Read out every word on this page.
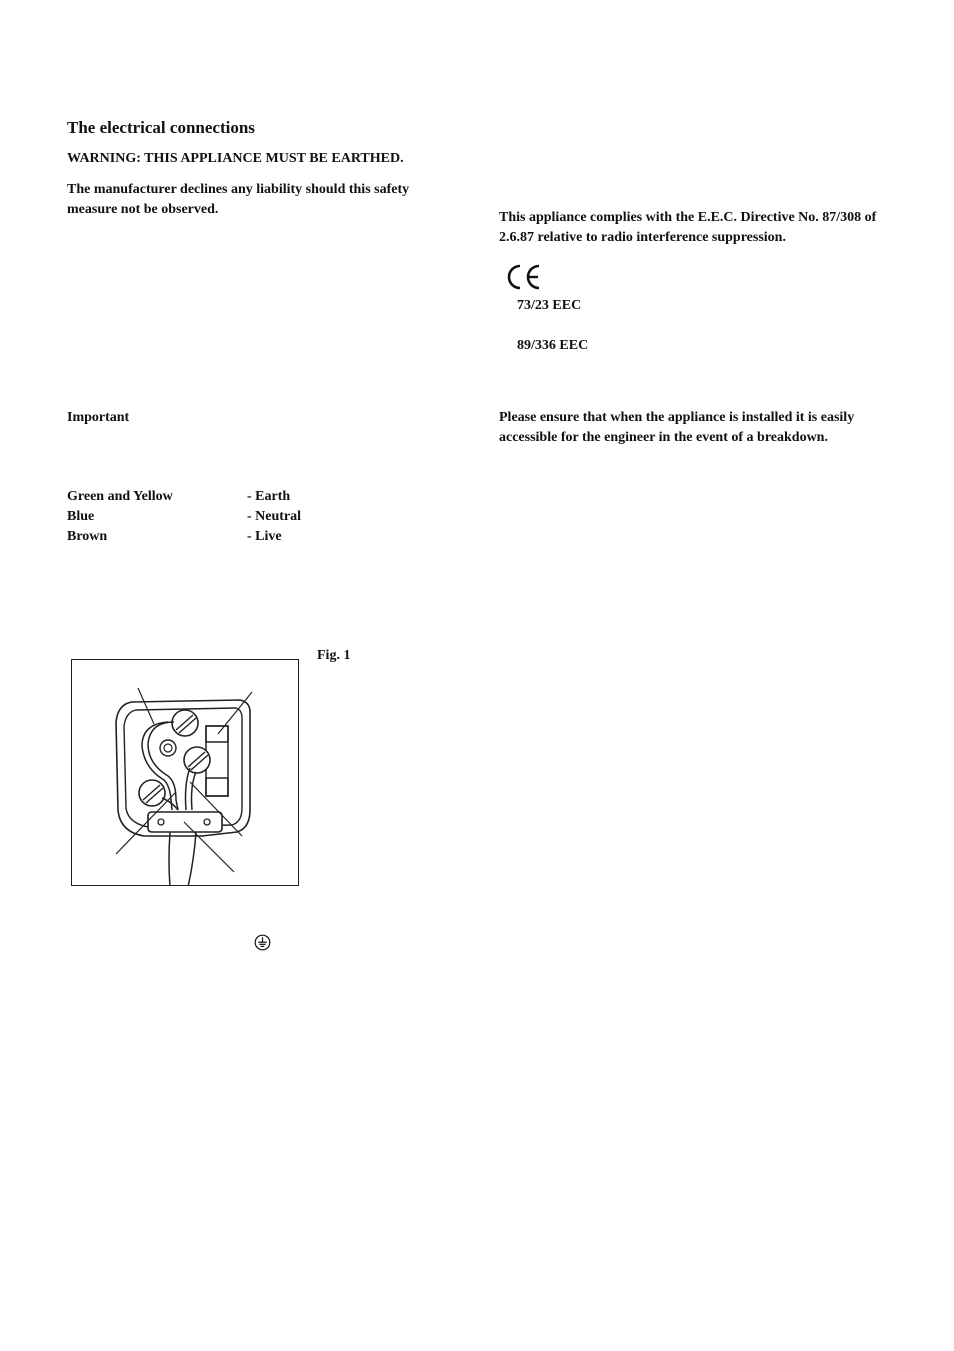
The electrical connections
WARNING: THIS APPLIANCE MUST BE EARTHED.
The manufacturer declines any liability should this safety measure not be observed.
This appliance complies with the E.E.C. Directive No. 87/308 of 2.6.87 relative to radio interference suppression.
73/23 EEC
89/336 EEC
Important	Please ensure that when the appliance is installed it is easily accessible for the engineer in the event of a breakdown.
Green and Yellow	- Earth
Blue	- Neutral
Brown	- Live
Fig. 1
